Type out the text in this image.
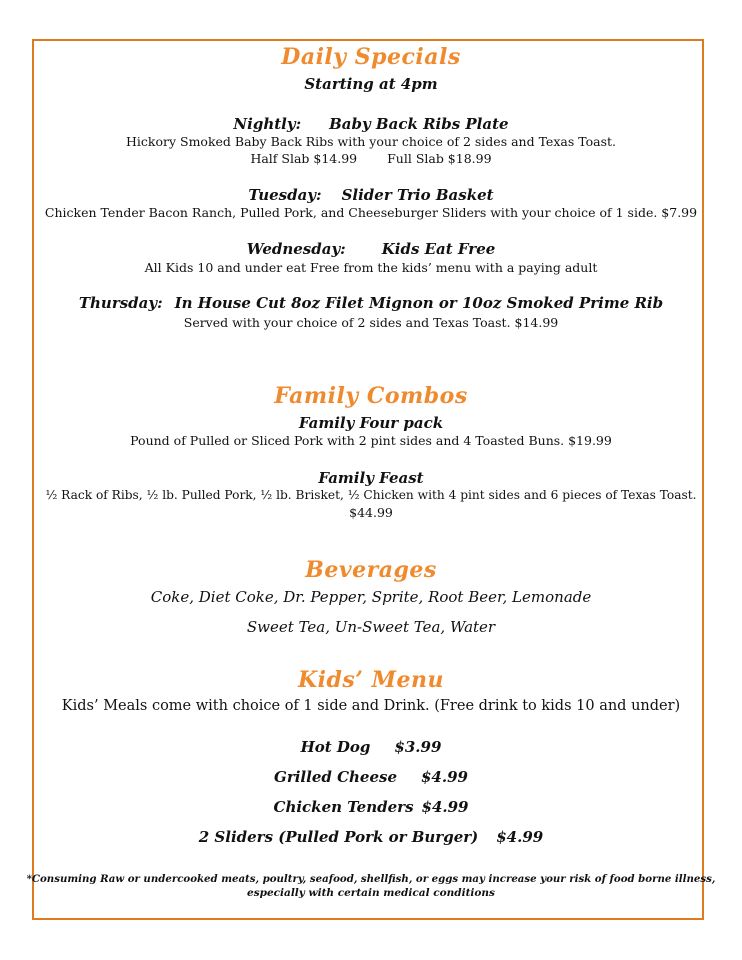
Daily Specials
Starting at 4pm
Nightly: Baby Back Ribs Plate
Hickory Smoked Baby Back Ribs with your choice of 2 sides and Texas Toast.
Half Slab $14.99 Full Slab $18.99
Tuesday: Slider Trio Basket
Chicken Tender Bacon Ranch, Pulled Pork, and Cheeseburger Sliders with your choice of 1 side. $7.99
Wednesday: Kids Eat Free
All Kids 10 and under eat Free from the kids’ menu with a paying adult
Thursday: In House Cut 8oz Filet Mignon or 10oz Smoked Prime Rib
Served with your choice of 2 sides and Texas Toast. $14.99
Family Combos
Family Four pack
Pound of Pulled or Sliced Pork with 2 pint sides and 4 Toasted Buns. $19.99
Family Feast
½ Rack of Ribs, ½ lb. Pulled Pork, ½ lb. Brisket, ½ Chicken with 4 pint sides and 6 pieces of Texas Toast.
$44.99
Beverages
Coke, Diet Coke, Dr. Pepper, Sprite, Root Beer, Lemonade
Sweet Tea, Un-Sweet Tea, Water
Kids’ Menu
Kids’ Meals come with choice of 1 side and Drink. (Free drink to kids 10 and under)
Hot Dog $3.99
Grilled Cheese $4.99
Chicken Tenders $4.99
2 Sliders (Pulled Pork or Burger) $4.99
*Consuming Raw or undercooked meats, poultry, seafood, shellfish, or eggs may increase your risk of food borne illness,
especially with certain medical conditions
